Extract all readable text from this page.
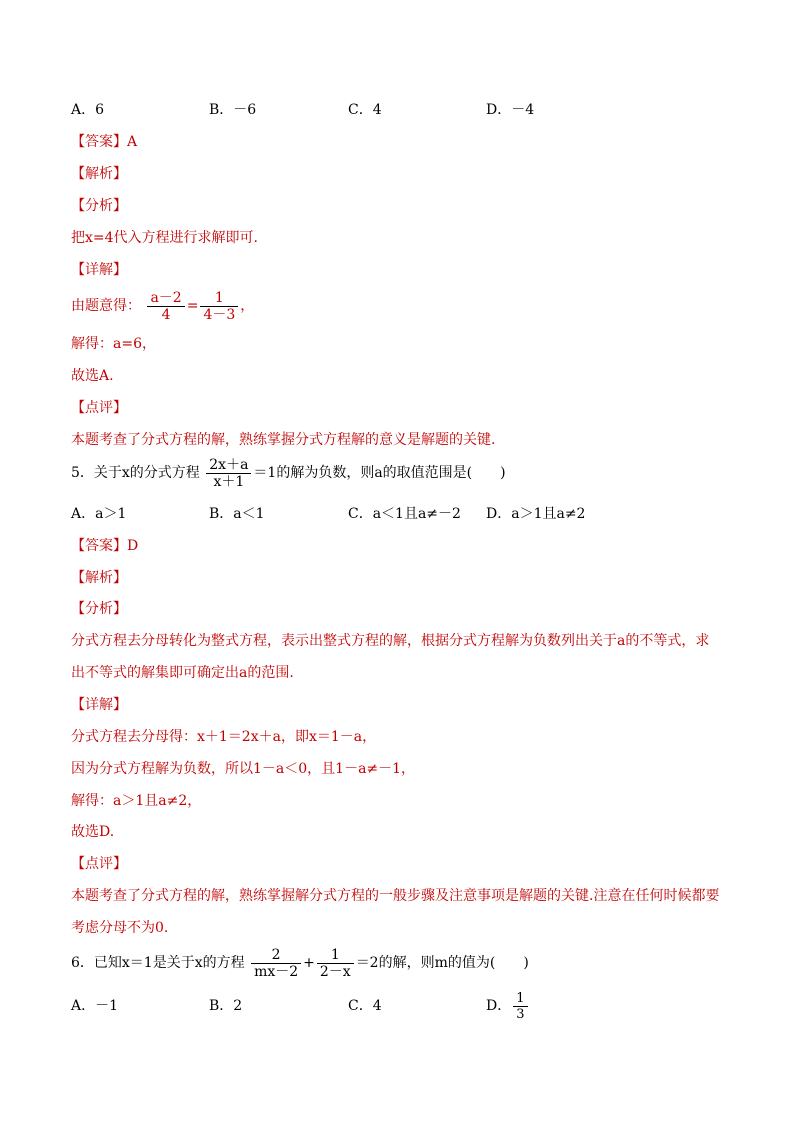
A．6	B．－6	C．4	D．－4
【答案】A
【解析】
【分析】
把x=4代入方程进行求解即可.
【详解】
由题意得： $\frac{a-2}{4} = \frac{1}{4-3}$ ，
解得：a=6，
故选A.
【点评】
本题考查了分式方程的解，熟练掌握分式方程解的意义是解题的关键.
5．关于x的分式方程 $\frac{2x+a}{x+1} =1$的解为负数，则a的取值范围是(　　)
A．a＞1	B．a＜1	C．a＜1且a≠－2 D．a＞1且a≠2
【答案】D
【解析】
【分析】
分式方程去分母转化为整式方程，表示出整式方程的解，根据分式方程解为负数列出关于a的不等式，求
出不等式的解集即可确定出a的范围.
【详解】
分式方程去分母得：x＋1＝2x＋a，即x＝1－a，
因为分式方程解为负数，所以1－a＜0，且1－a≠－1，
解得：a＞1且a≠2，
故选D.
【点评】
本题考查了分式方程的解，熟练掌握解分式方程的一般步骤及注意事项是解题的关键.注意在任何时候都要
考虑分母不为0.
6．已知x＝1是关于x的方程 $\frac{2}{mx-2} + \frac{1}{2-x} =2$的解，则m的值为(　　)
A．－1	B．2	C．4	D． $\frac{1}{3}$
